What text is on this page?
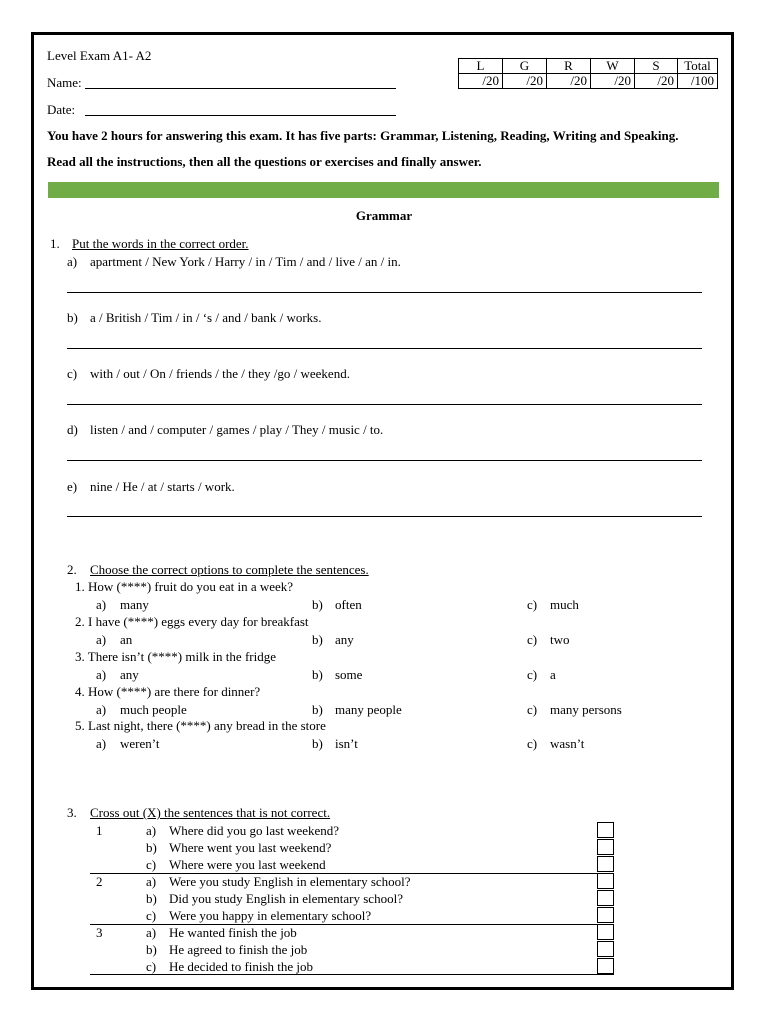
Level Exam A1- A2
Name:
Date:
L	G	R	W	S	Total
/20	/20	/20	/20	/20	/100
You have 2 hours for answering this exam. It has five parts: Grammar, Listening, Reading, Writing and Speaking.
Read all the instructions, then all the questions or exercises and finally answer.
Grammar
1. Put the words in the correct order.
a) apartment / New York / Harry / in / Tim / and / live / an / in.
b) a / British / Tim / in / ‘s / and / bank / works.
c) with / out / On / friends / the / they /go / weekend.
d) listen / and / computer / games / play / They / music / to.
e) nine / He / at / starts / work.
2. Choose the correct options to complete the sentences.
1. How (****) fruit do you eat in a week?
a) many	b) often	c) much
2. I have (****) eggs every day for breakfast
a) an	b) any	c) two
3. There isn’t (****) milk in the fridge
a) any	b) some	c) a
4. How (****) are there for dinner?
a) much people	b) many people	c) many persons
5. Last night, there (****) any bread in the store
a) weren’t	b) isn’t	c) wasn’t
3. Cross out (X) the sentences that is not correct.
1	a) Where did you go last weekend?
b) Where went you last weekend?
c) Where were you last weekend
2	a) Were you study English in elementary school?
b) Did you study English in elementary school?
c) Were you happy in elementary school?
3	a) He wanted finish the job
b) He agreed to finish the job
c) He decided to finish the job
